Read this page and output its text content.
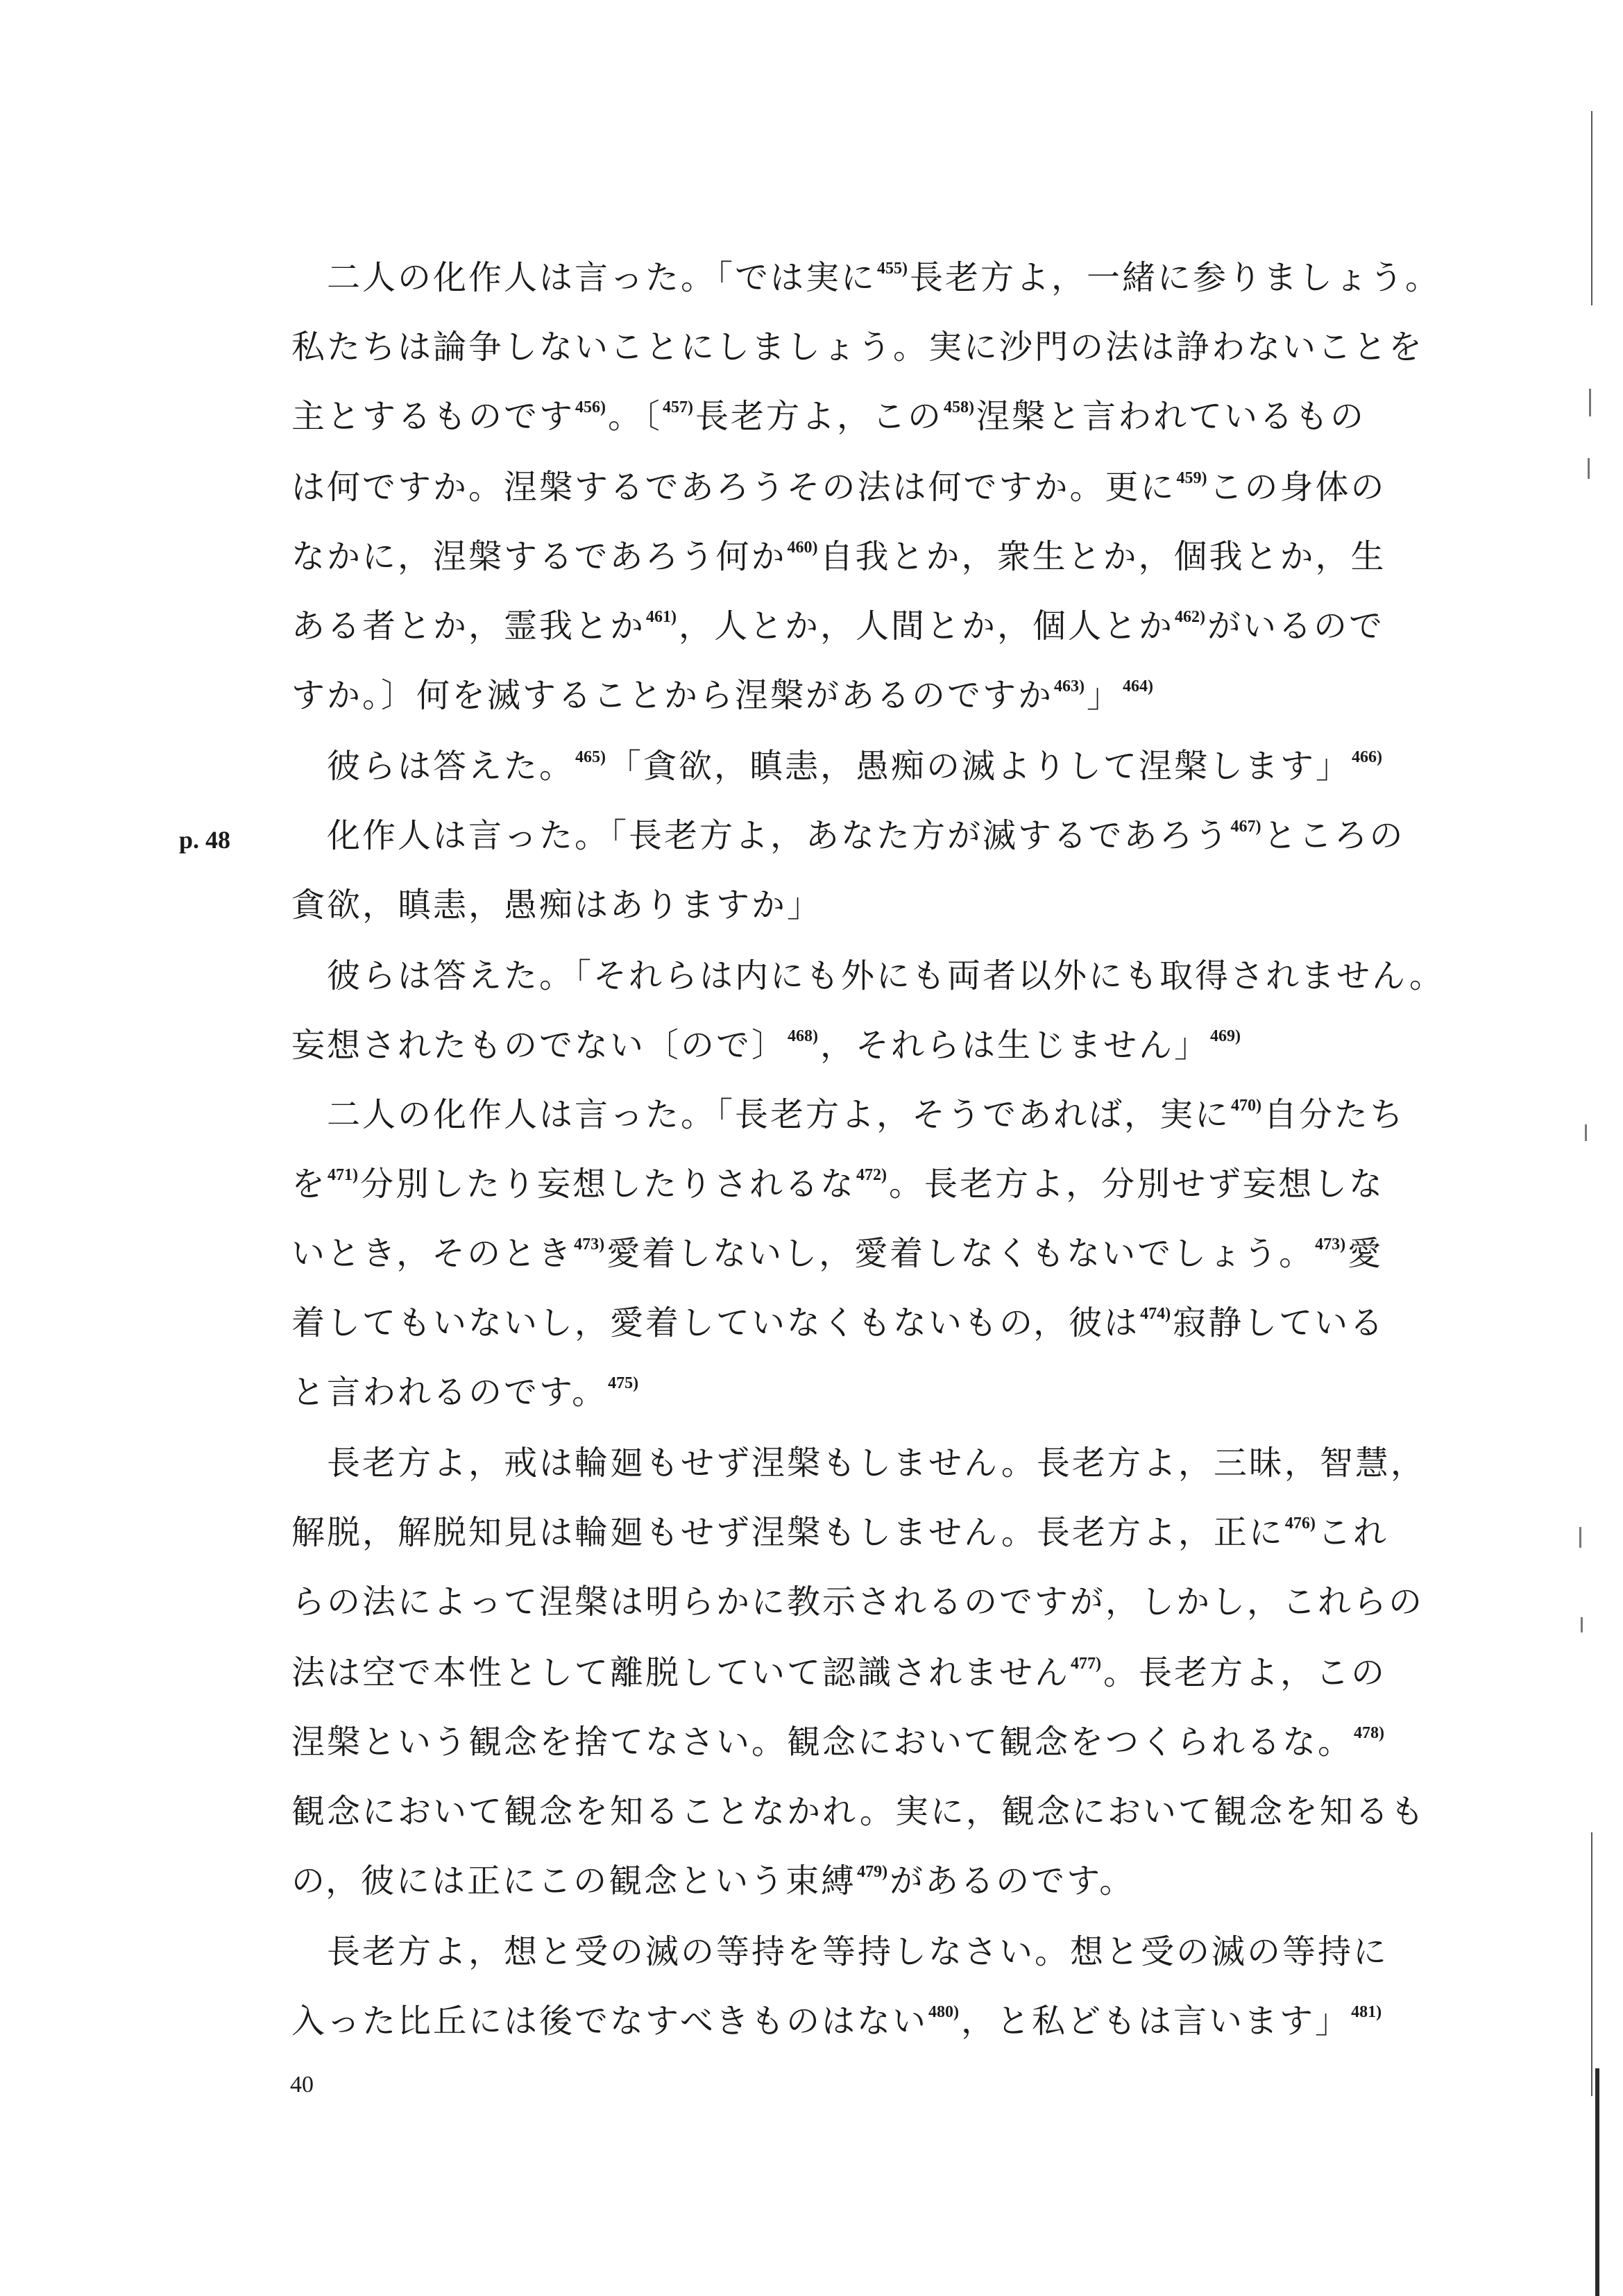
　二人の化作人は言った。「では実に$^{455)}$長老方よ，一緒に参りましょう。
私たちは論争しないことにしましょう。実に沙門の法は諍わないことを
主とするものです$^{456)}$。〔$^{457)}$長老方よ，この$^{458)}$涅槃と言われているもの
は何ですか。涅槃するであろうその法は何ですか。更に$^{459)}$この身体の
なかに，涅槃するであろう何か$^{460)}$自我とか，衆生とか，個我とか，生
ある者とか，霊我とか$^{461)}$，人とか，人間とか，個人とか$^{462)}$がいるので
すか。〕何を滅することから涅槃があるのですか$^{463)}$」$^{464)}$
　彼らは答えた。$^{465)}$「貪欲，瞋恚，愚痴の滅よりして涅槃します」$^{466)}$
　化作人は言った。「長老方よ，あなた方が滅するであろう$^{467)}$ところの
貪欲，瞋恚，愚痴はありますか」
　彼らは答えた。「それらは内にも外にも両者以外にも取得されません。
妄想されたものでない〔ので〕$^{468)}$，それらは生じません」$^{469)}$
　二人の化作人は言った。「長老方よ，そうであれば，実に$^{470)}$自分たち
を$^{471)}$分別したり妄想したりされるな$^{472)}$。長老方よ，分別せず妄想しな
いとき，そのとき$^{473)}$愛着しないし，愛着しなくもないでしょう。$^{473)}$愛
着してもいないし，愛着していなくもないもの，彼は$^{474)}$寂静している
と言われるのです。$^{475)}$
　長老方よ，戒は輪廻もせず涅槃もしません。長老方よ，三昧，智慧，
解脱，解脱知見は輪廻もせず涅槃もしません。長老方よ，正に$^{476)}$これ
らの法によって涅槃は明らかに教示されるのですが，しかし，これらの
法は空で本性として離脱していて認識されません$^{477)}$。長老方よ，この
涅槃という観念を捨てなさい。観念において観念をつくられるな。$^{478)}$
観念において観念を知ることなかれ。実に，観念において観念を知るも
の，彼には正にこの観念という束縛$^{479)}$があるのです。
　長老方よ，想と受の滅の等持を等持しなさい。想と受の滅の等持に
入った比丘には後でなすべきものはない$^{480)}$，と私どもは言います」$^{481)}$
p. 48
40
